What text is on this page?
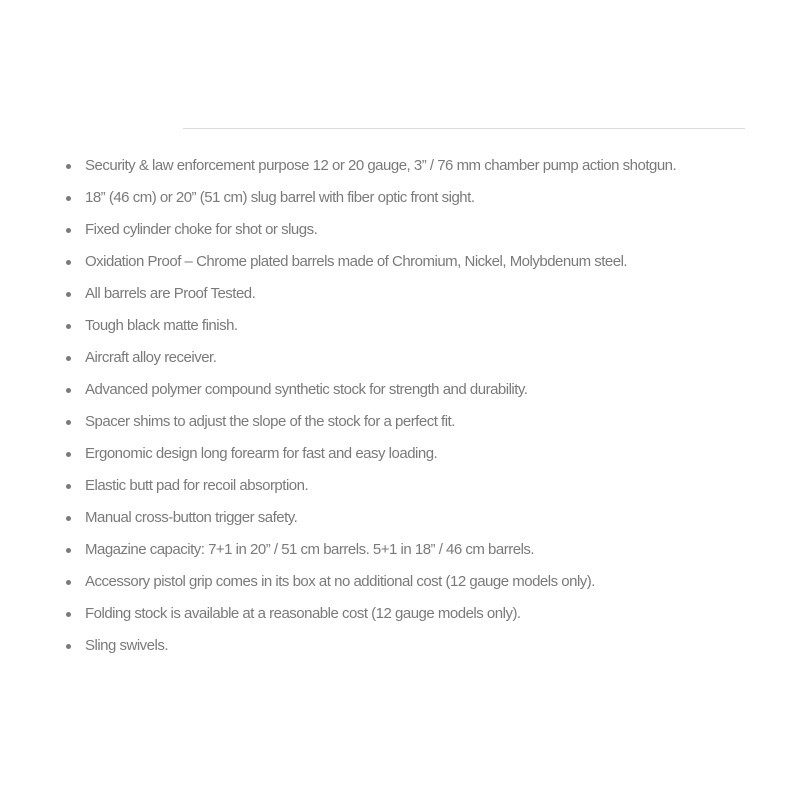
Security & law enforcement purpose 12 or 20 gauge, 3” / 76 mm chamber pump action shotgun.
18” (46 cm) or 20” (51 cm) slug barrel with fiber optic front sight.
Fixed cylinder choke for shot or slugs.
Oxidation Proof – Chrome plated barrels made of Chromium, Nickel, Molybdenum steel.
All barrels are Proof Tested.
Tough black matte finish.
Aircraft alloy receiver.
Advanced polymer compound synthetic stock for strength and durability.
Spacer shims to adjust the slope of the stock for a perfect fit.
Ergonomic design long forearm for fast and easy loading.
Elastic butt pad for recoil absorption.
Manual cross-button trigger safety.
Magazine capacity: 7+1 in 20” / 51 cm barrels. 5+1 in 18” / 46 cm barrels.
Accessory pistol grip comes in its box at no additional cost (12 gauge models only).
Folding stock is available at a reasonable cost (12 gauge models only).
Sling swivels.
